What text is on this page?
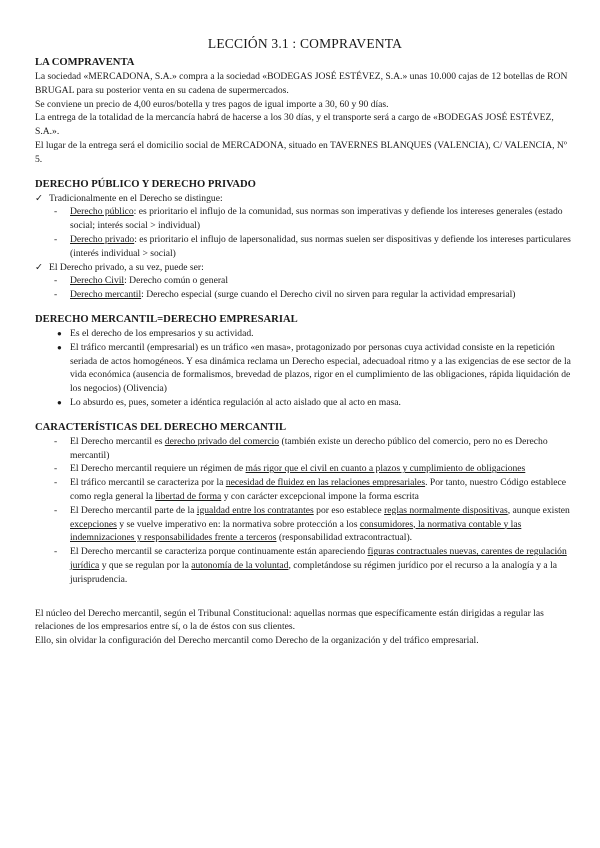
LECCIÓN 3.1 : COMPRAVENTA
LA COMPRAVENTA

La sociedad «MERCADONA, S.A.» compra a la sociedad «BODEGAS JOSÉ ESTÉVEZ, S.A.» unas 10.000 cajas de 12 botellas de RON BRUGAL para su posterior venta en su cadena de supermercados.

Se conviene un precio de 4,00 euros/botella y tres pagos de igual importe a 30, 60 y 90 días.

La entrega de la totalidad de la mercancía habrá de hacerse a los 30 días, y el transporte será a cargo de «BODEGAS JOSÉ ESTÉVEZ, S.A.».

El lugar de la entrega será el domicilio social de MERCADONA, situado en TAVERNES BLANQUES (VALENCIA), C/ VALENCIA, Nº 5.

DERECHO PÚBLICO Y DERECHO PRIVADO
✓ Tradicionalmente en el Derecho se distingue:
- Derecho público: es prioritario el influjo de la comunidad, sus normas son imperativas y defiende los intereses generales (estado social; interés social > individual)
- Derecho privado: es prioritario el influjo de lapersonalidad, sus normas suelen ser dispositivas y defiende los intereses particulares (interés individual > social)
✓ El Derecho privado, a su vez, puede ser:
- Derecho Civil: Derecho común o general
- Derecho mercantil: Derecho especial (surge cuando el Derecho civil no sirven para regular la actividad empresarial)
DERECHO MERCANTIL=DERECHO EMPRESARIAL
● Es el derecho de los empresarios y su actividad.
● El tráfico mercantil (empresarial) es un tráfico «en masa», protagonizado por personas cuya actividad consiste en la repetición seriada de actos homogéneos. Y esa dinámica reclama un Derecho especial, adecuadoal ritmo y a las exigencias de ese sector de la vida económica (ausencia de formalismos, brevedad de plazos, rigor en el cumplimiento de las obligaciones, rápida liquidación de los negocios) (Olivencia)
● Lo absurdo es, pues, someter a idéntica regulación al acto aislado que al acto en masa.
CARACTERÍSTICAS DEL DERECHO MERCANTIL
- El Derecho mercantil es derecho privado del comercio (también existe un derecho público del comercio, pero no es Derecho mercantil)
- El Derecho mercantil requiere un régimen de más rigor que el civil en cuanto a plazos y cumplimiento de obligaciones
- El tráfico mercantil se caracteriza por la necesidad de fluidez en las relaciones empresariales. Por tanto, nuestro Código establece como regla general la libertad de forma y con carácter excepcional impone la forma escrita
- El Derecho mercantil parte de la igualdad entre los contratantes por eso establece reglas normalmente dispositivas, aunque existen excepciones y se vuelve imperativo en: la normativa sobre protección a los consumidores, la normativa contable y las indemnizaciones y responsabilidades frente a terceros (responsabilidad extracontractual).
- El Derecho mercantil se caracteriza porque continuamente están apareciendo figuras contractuales nuevas, carentes de regulación jurídica y que se regulan por la autonomía de la voluntad, completándose su régimen jurídico por el recurso a la analogía y a la jurisprudencia.

El núcleo del Derecho mercantil, según el Tribunal Constitucional: aquellas normas que específicamente están dirigidas a regular las relaciones de los empresarios entre sí, o la de éstos con sus clientes.

Ello, sin olvidar la configuración del Derecho mercantil como Derecho de la organización y del tráfico empresarial.
